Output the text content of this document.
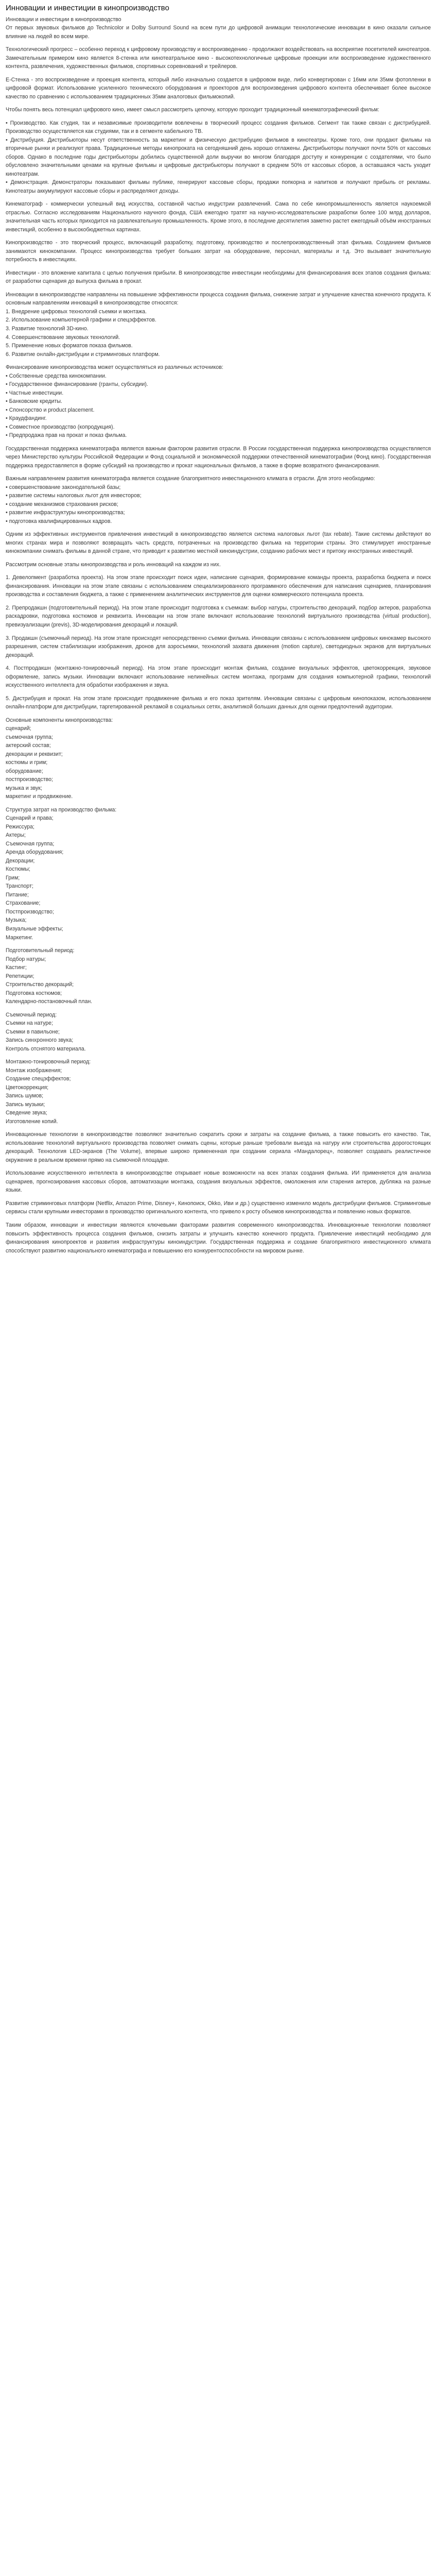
Инновации и инвестиции в кинопроизводство

Инновации и инвестиции в кинопроизводство
От первых звуковых фильмов до Technicolor и Dolby Surround Sound на всем пути до цифровой анимации технологические инновации в кино оказали сильное влияние на людей во всем мире.

Технологический прогресс – особенно переход к цифровому производству и воспроизведению - продолжают воздействовать на восприятие посетителей кинотеатров. Замечательным примером кино является 8-стенка или кинотеатральное кино - высокотехнологичные цифровые проекции или воспроизведение художественного контента, развлечения, художественных фильмов, спортивных соревнований и трейлеров.

Е-Стенка - это воспроизведение и проекция контента, который либо изначально создается в цифровом виде, либо конвертирован с 16мм или 35мм фотопленки в цифровой формат. Использование усиленного технического оборудования и проекторов для воспроизведения цифрового контента обеспечивает более высокое качество по сравнению с использованием традиционных 35мм аналоговых фильмокопий.

Чтобы понять весь потенциал цифрового кино, имеет смысл рассмотреть цепочку, которую проходит традиционный кинематографический фильм:

• Производство. Как студия, так и независимые производители вовлечены в творческий процесс создания фильмов. Сегмент так также связан с дистрибуцией. Производство осуществляется как студиями, так и в сегменте кабельного ТВ.
• Дистрибуция. Дистрибьюторы несут ответственность за маркетинг и физическую дистрибуцию фильмов в кинотеатры. Кроме того, они продают фильмы на вторичные рынки и реализуют права. Традиционные методы кинопроката на сегодняшний день хорошо отлажены. Дистрибьюторы получают почти 50% от кассовых сборов. Однако в последние годы дистрибьюторы добились существенной доли выручки во многом благодаря доступу и конкуренции с создателями, что было обусловлено значительными ценами на крупные фильмы и цифровые дистрибьюторы получают в среднем 50% от кассовых сборов, а оставшаяся часть уходит кинотеатрам.
• Демонстрация. Демонстраторы показывают фильмы публике, генерируют кассовые сборы, продажи попкорна и напитков и получают прибыль от рекламы. Кинотеатры аккумулируют кассовые сборы и распределяют доходы.

Кинематограф - коммерчески успешный вид искусства, составной частью индустрии развлечений. Сама по себе кинопромышленность является наукоемкой отраслью. Согласно исследованиям Национального научного фонда, США ежегодно тратят на научно-исследовательские разработки более 100 млрд долларов, значительная часть которых приходится на развлекательную промышленность. Кроме этого, в последние десятилетия заметно растет ежегодный объём иностранных инвестиций, особенно в высокобюджетных картинах.

Кинопроизводство - это творческий процесс, включающий разработку, подготовку, производство и послепроизводственный этап фильма. Созданием фильмов занимаются кинокомпании. Процесс кинопроизводства требует больших затрат на оборудование, персонал, материалы и т.д. Это вызывает значительную потребность в инвестициях.

Инвестиции - это вложение капитала с целью получения прибыли. В кинопроизводстве инвестиции необходимы для финансирования всех этапов создания фильма: от разработки сценария до выпуска фильма в прокат.

Инновации в кинопроизводстве направлены на повышение эффективности процесса создания фильма, снижение затрат и улучшение качества конечного продукта. К основным направлениям инноваций в кинопроизводстве относятся:
1. Внедрение цифровых технологий съемки и монтажа.
2. Использование компьютерной графики и спецэффектов.
3. Развитие технологий 3D-кино.
4. Совершенствование звуковых технологий.
5. Применение новых форматов показа фильмов.
6. Развитие онлайн-дистрибуции и стриминговых платформ.

Финансирование кинопроизводства может осуществляться из различных источников:
• Собственные средства кинокомпании.
• Государственное финансирование (гранты, субсидии).
• Частные инвестиции.
• Банковские кредиты.
• Спонсорство и product placement.
• Краудфандинг.
• Совместное производство (копродукция).
• Предпродажа прав на прокат и показ фильма.

Государственная поддержка кинематографа является важным фактором развития отрасли. В России государственная поддержка кинопроизводства осуществляется через Министерство культуры Российской Федерации и Фонд социальной и экономической поддержки отечественной кинематографии (Фонд кино). Государственная поддержка предоставляется в форме субсидий на производство и прокат национальных фильмов, а также в форме возвратного финансирования.

Важным направлением развития кинематографа является создание благоприятного инвестиционного климата в отрасли. Для этого необходимо:
• совершенствование законодательной базы;
• развитие системы налоговых льгот для инвесторов;
• создание механизмов страхования рисков;
• развитие инфраструктуры кинопроизводства;
• подготовка квалифицированных кадров.

Одним из эффективных инструментов привлечения инвестиций в кинопроизводство является система налоговых льгот (tax rebate). Такие системы действуют во многих странах мира и позволяют возвращать часть средств, потраченных на производство фильма на территории страны. Это стимулирует иностранные кинокомпании снимать фильмы в данной стране, что приводит к развитию местной киноиндустрии, созданию рабочих мест и притоку иностранных инвестиций.

Рассмотрим основные этапы кинопроизводства и роль инноваций на каждом из них.

1. Девелопмент (разработка проекта). На этом этапе происходит поиск идеи, написание сценария, формирование команды проекта, разработка бюджета и поиск финансирования. Инновации на этом этапе связаны с использованием специализированного программного обеспечения для написания сценариев, планирования производства и составления бюджета, а также с применением аналитических инструментов для оценки коммерческого потенциала проекта.

2. Препродакшн (подготовительный период). На этом этапе происходит подготовка к съемкам: выбор натуры, строительство декораций, подбор актеров, разработка раскадровки, подготовка костюмов и реквизита. Инновации на этом этапе включают использование технологий виртуального производства (virtual production), превизуализации (previs), 3D-моделирования декораций и локаций.

3. Продакшн (съемочный период). На этом этапе происходят непосредственно съемки фильма. Инновации связаны с использованием цифровых кинокамер высокого разрешения, систем стабилизации изображения, дронов для аэросъемки, технологий захвата движения (motion capture), светодиодных экранов для виртуальных декораций.

4. Постпродакшн (монтажно-тонировочный период). На этом этапе происходит монтаж фильма, создание визуальных эффектов, цветокоррекция, звуковое оформление, запись музыки. Инновации включают использование нелинейных систем монтажа, программ для создания компьютерной графики, технологий искусственного интеллекта для обработки изображения и звука.

5. Дистрибуция и прокат. На этом этапе происходит продвижение фильма и его показ зрителям. Инновации связаны с цифровым кинопоказом, использованием онлайн-платформ для дистрибуции, таргетированной рекламой в социальных сетях, аналитикой больших данных для оценки предпочтений аудитории.

Основные компоненты кинопроизводства:
сценарий;
съемочная группа;
актерский состав;
декорации и реквизит;
костюмы и грим;
оборудование;
постпроизводство;
музыка и звук;
маркетинг и продвижение.

Структура затрат на производство фильма:
Сценарий и права;
Режиссура;
Актеры;
Съемочная группа;
Аренда оборудования;
Декорации;
Костюмы;
Грим;
Транспорт;
Питание;
Страхование;
Постпроизводство;
Музыка;
Визуальные эффекты;
Маркетинг.

Подготовительный период:
Подбор натуры;
Кастинг;
Репетиции;
Строительство декораций;
Подготовка костюмов;
Календарно-постановочный план.

Съемочный период:
Съемки на натуре;
Съемки в павильоне;
Запись синхронного звука;
Контроль отснятого материала.

Монтажно-тонировочный период:
Монтаж изображения;
Создание спецэффектов;
Цветокоррекция;
Запись шумов;
Запись музыки;
Сведение звука;
Изготовление копий.

Инновационные технологии в кинопроизводстве позволяют значительно сократить сроки и затраты на создание фильма, а также повысить его качество. Так, использование технологий виртуального производства позволяет снимать сцены, которые раньше требовали выезда на натуру или строительства дорогостоящих декораций. Технология LED-экранов (The Volume), впервые широко примененная при создании сериала «Мандалорец», позволяет создавать реалистичное окружение в реальном времени прямо на съемочной площадке.

Использование искусственного интеллекта в кинопроизводстве открывает новые возможности на всех этапах создания фильма. ИИ применяется для анализа сценариев, прогнозирования кассовых сборов, автоматизации монтажа, создания визуальных эффектов, омоложения или старения актеров, дубляжа на разные языки.

Развитие стриминговых платформ (Netflix, Amazon Prime, Disney+, Кинопоиск, Okko, Иви и др.) существенно изменило модель дистрибуции фильмов. Стриминговые сервисы стали крупными инвесторами в производство оригинального контента, что привело к росту объемов кинопроизводства и появлению новых форматов.

Таким образом, инновации и инвестиции являются ключевыми факторами развития современного кинопроизводства. Инновационные технологии позволяют повысить эффективность процесса создания фильмов, снизить затраты и улучшить качество конечного продукта. Привлечение инвестиций необходимо для финансирования кинопроектов и развития инфраструктуры киноиндустрии. Государственная поддержка и создание благоприятного инвестиционного климата способствуют развитию национального кинематографа и повышению его конкурентоспособности на мировом рынке.
